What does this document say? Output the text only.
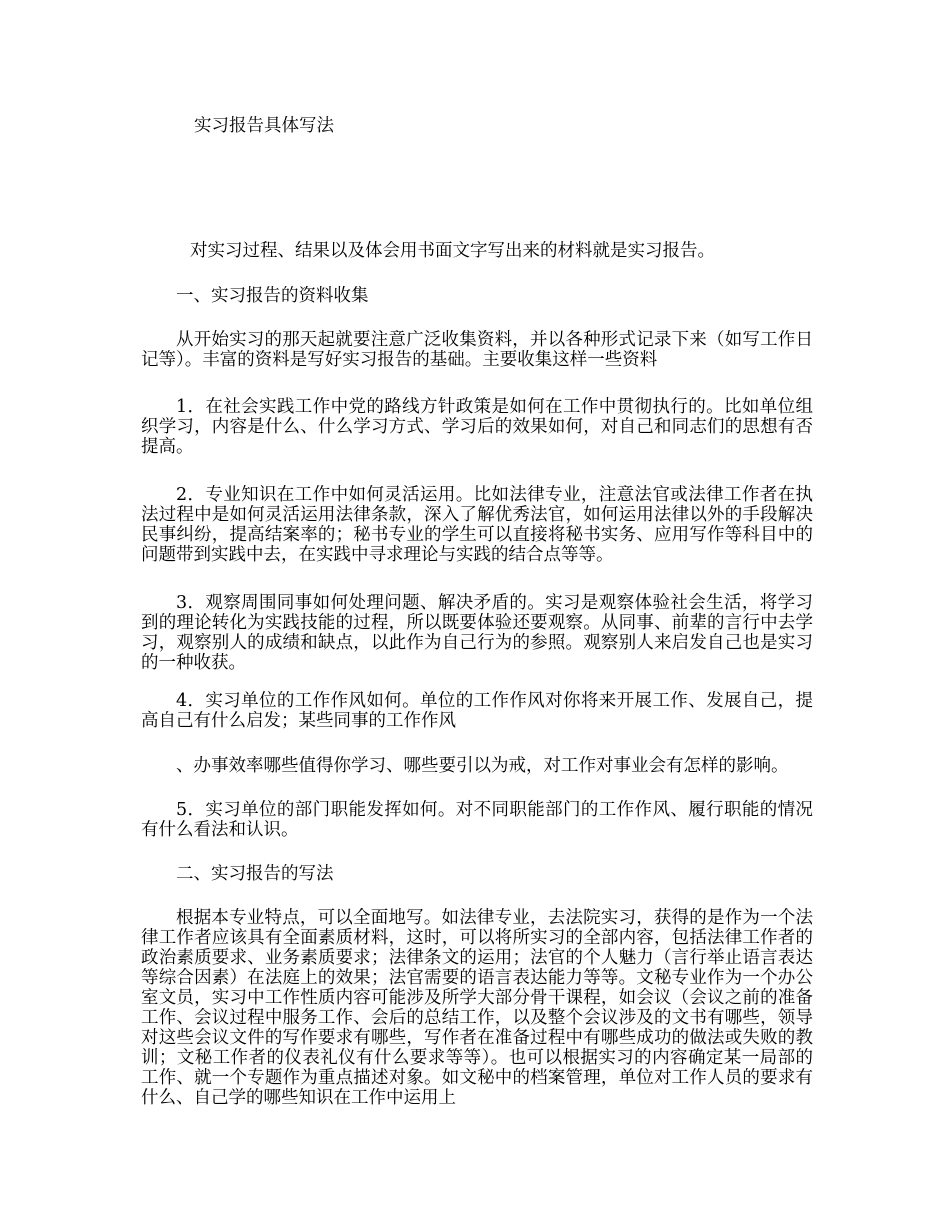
实习报告具体写法

对实习过程、结果以及体会用书面文字写出来的材料就是实习报告。

一、实习报告的资料收集

从开始实习的那天起就要注意广泛收集资料，并以各种形式记录下来（如写工作日记等）。丰富的资料是写好实习报告的基础。主要收集这样一些资料

1．在社会实践工作中党的路线方针政策是如何在工作中贯彻执行的。比如单位组织学习，内容是什么、什么学习方式、学习后的效果如何，对自己和同志们的思想有否提高。

2．专业知识在工作中如何灵活运用。比如法律专业，注意法官或法律工作者在执法过程中是如何灵活运用法律条款，深入了解优秀法官，如何运用法律以外的手段解决民事纠纷，提高结案率的；秘书专业的学生可以直接将秘书实务、应用写作等科目中的问题带到实践中去，在实践中寻求理论与实践的结合点等等。

3．观察周围同事如何处理问题、解决矛盾的。实习是观察体验社会生活，将学习到的理论转化为实践技能的过程，所以既要体验还要观察。从同事、前辈的言行中去学习，观察别人的成绩和缺点，以此作为自己行为的参照。观察别人来启发自己也是实习的一种收获。

4．实习单位的工作作风如何。单位的工作作风对你将来开展工作、发展自己，提高自己有什么启发；某些同事的工作作风

、办事效率哪些值得你学习、哪些要引以为戒，对工作对事业会有怎样的影响。

5．实习单位的部门职能发挥如何。对不同职能部门的工作作风、履行职能的情况有什么看法和认识。

二、实习报告的写法

根据本专业特点，可以全面地写。如法律专业，去法院实习，获得的是作为一个法律工作者应该具有全面素质材料，这时，可以将所实习的全部内容，包括法律工作者的政治素质要求、业务素质要求；法律条文的运用；法官的个人魅力（言行举止语言表达等综合因素）在法庭上的效果；法官需要的语言表达能力等等。文秘专业作为一个办公室文员，实习中工作性质内容可能涉及所学大部分骨干课程，如会议（会议之前的准备工作、会议过程中服务工作、会后的总结工作，以及整个会议涉及的文书有哪些，领导对这些会议文件的写作要求有哪些，写作者在准备过程中有哪些成功的做法或失败的教训；文秘工作者的仪表礼仪有什么要求等等）。也可以根据实习的内容确定某一局部的工作、就一个专题作为重点描述对象。如文秘中的档案管理，单位对工作人员的要求有什么、自己学的哪些知识在工作中运用上
